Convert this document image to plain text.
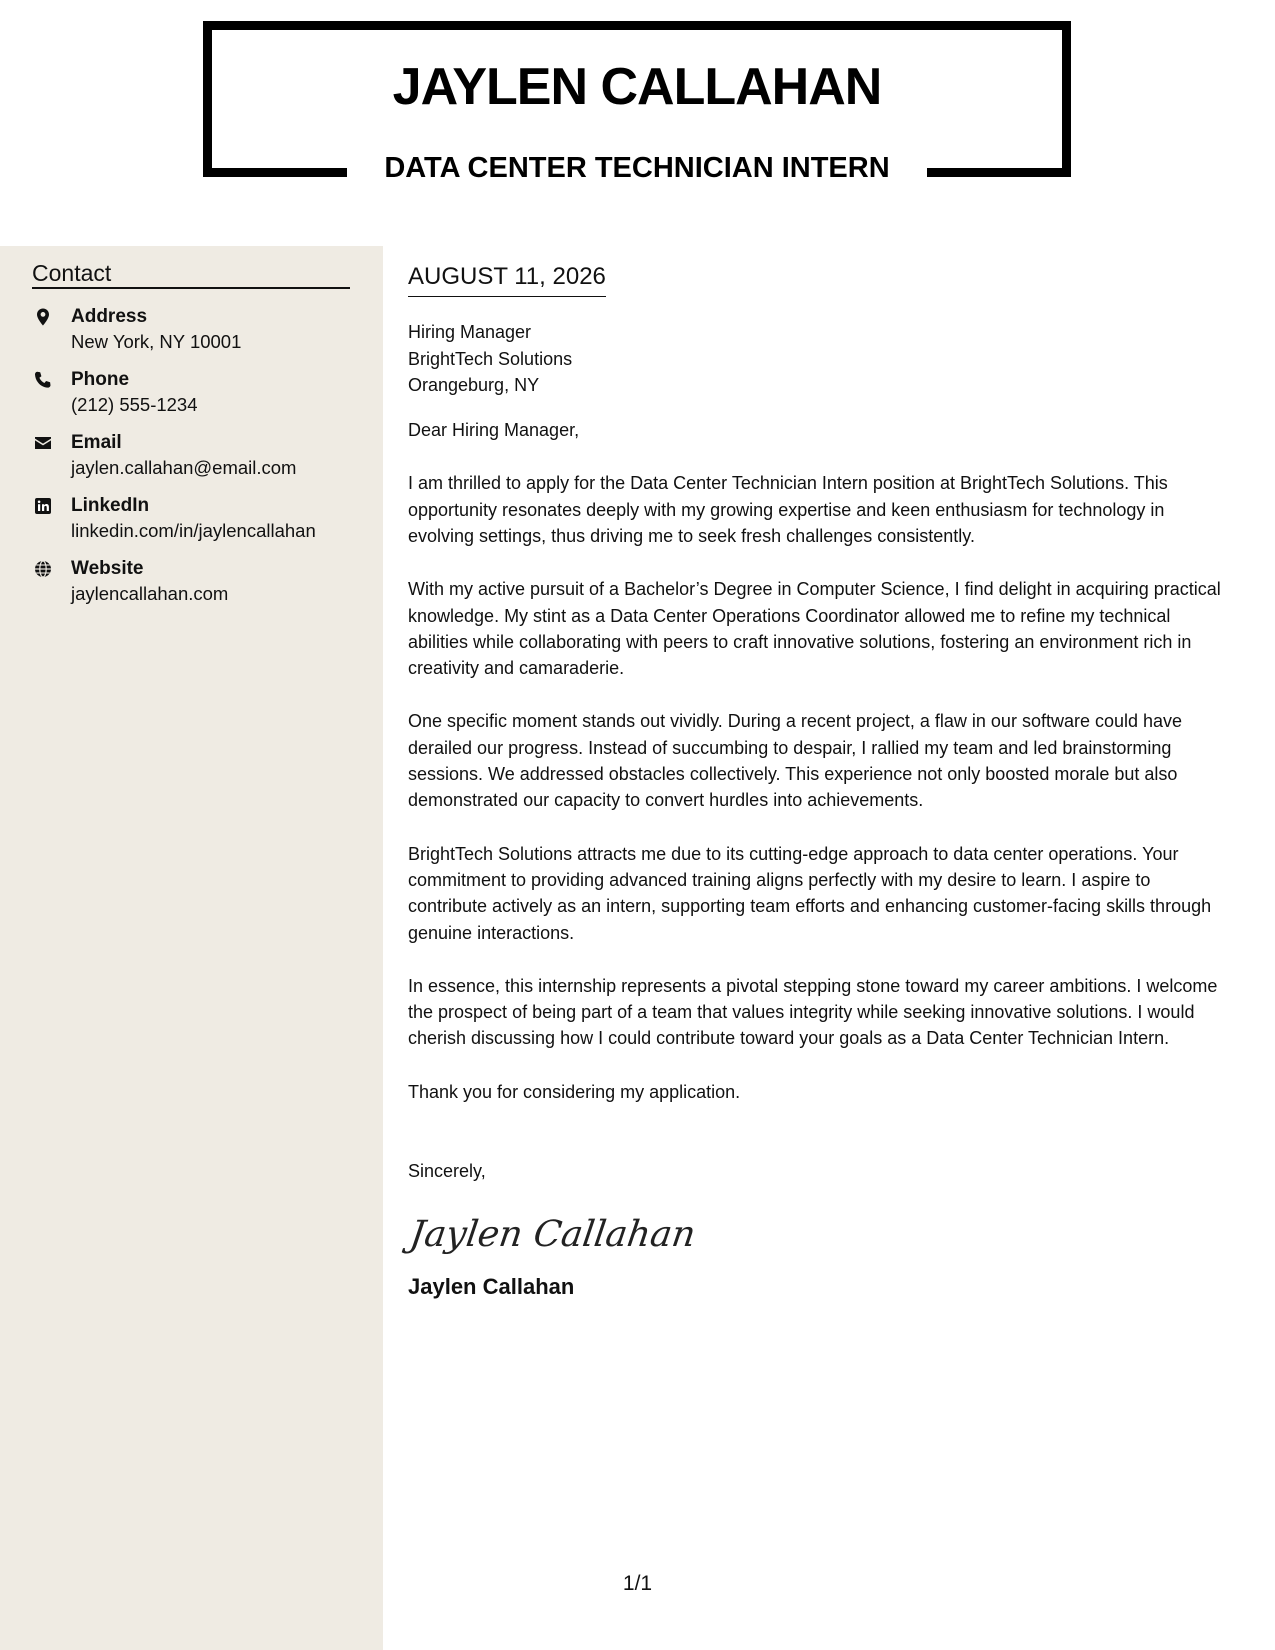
JAYLEN CALLAHAN
DATA CENTER TECHNICIAN INTERN
Contact
Address
New York, NY 10001
Phone
(212) 555-1234
Email
jaylen.callahan@email.com
LinkedIn
linkedin.com/in/jaylencallahan
Website
jaylencallahan.com
AUGUST 11, 2026
Hiring Manager
BrightTech Solutions
Orangeburg, NY
Dear Hiring Manager,
I am thrilled to apply for the Data Center Technician Intern position at BrightTech Solutions. This opportunity resonates deeply with my growing expertise and keen enthusiasm for technology in evolving settings, thus driving me to seek fresh challenges consistently.
With my active pursuit of a Bachelor’s Degree in Computer Science, I find delight in acquiring practical knowledge. My stint as a Data Center Operations Coordinator allowed me to refine my technical abilities while collaborating with peers to craft innovative solutions, fostering an environment rich in creativity and camaraderie.
One specific moment stands out vividly. During a recent project, a flaw in our software could have derailed our progress. Instead of succumbing to despair, I rallied my team and led brainstorming sessions. We addressed obstacles collectively. This experience not only boosted morale but also demonstrated our capacity to convert hurdles into achievements.
BrightTech Solutions attracts me due to its cutting-edge approach to data center operations. Your commitment to providing advanced training aligns perfectly with my desire to learn. I aspire to contribute actively as an intern, supporting team efforts and enhancing customer-facing skills through genuine interactions.
In essence, this internship represents a pivotal stepping stone toward my career ambitions. I welcome the prospect of being part of a team that values integrity while seeking innovative solutions. I would cherish discussing how I could contribute toward your goals as a Data Center Technician Intern.
Thank you for considering my application.
Sincerely,
Jaylen Callahan
Jaylen Callahan
1/1
